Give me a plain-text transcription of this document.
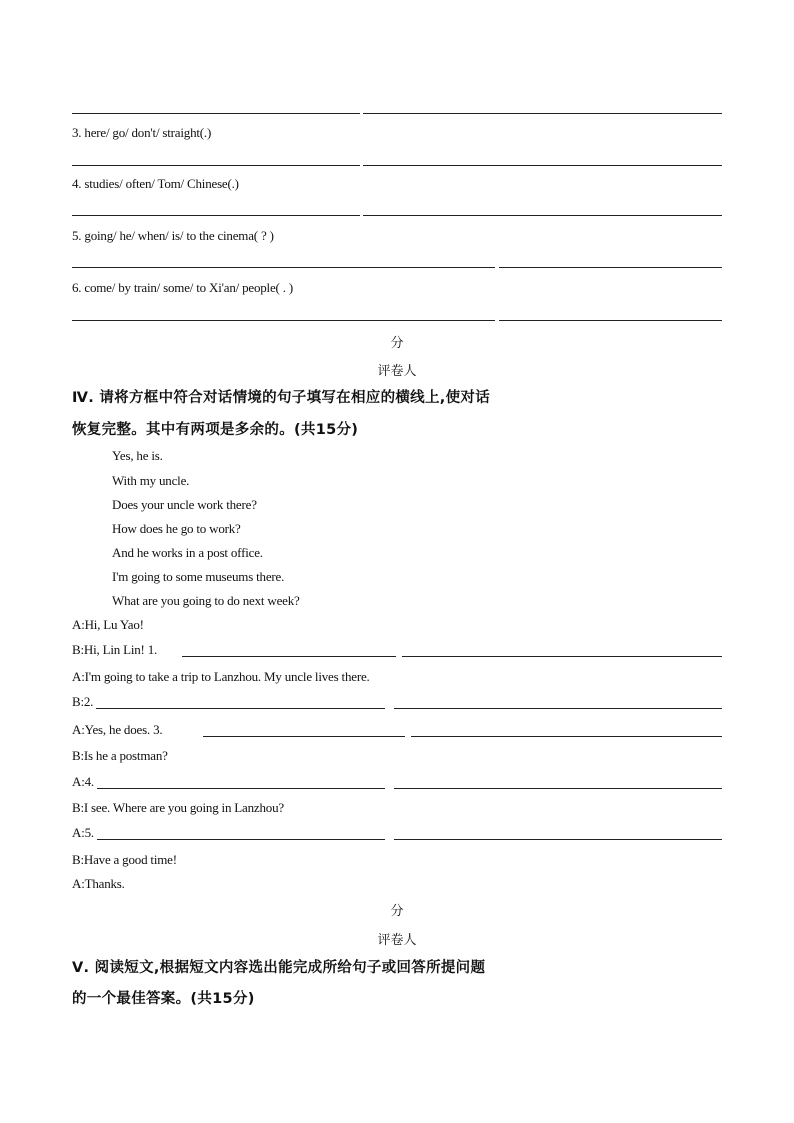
3. here/ go/ don't/ straight(.)
4. studies/ often/ Tom/ Chinese(.)
5. going/ he/ when/ is/ to the cinema( ? )
6. come/ by train/ some/ to Xi'an/ people( . )
分
评卷人
Ⅳ. 请将方框中符合对话情境的句子填写在相应的横线上,使对话
恢复完整。其中有两项是多余的。(共15分)
Yes, he is.
With my uncle.
Does your uncle work there?
How does he go to work?
And he works in a post office.
I'm going to some museums there.
What are you going to do next week?
A:Hi, Lu Yao!
B:Hi, Lin Lin! 1.
A:I'm going to take a trip to Lanzhou. My uncle lives there.
B:2.
A:Yes, he does. 3.
B:Is he a postman?
A:4.
B:I see. Where are you going in Lanzhou?
A:5.
B:Have a good time!
A:Thanks.
分
评卷人
Ⅴ. 阅读短文,根据短文内容选出能完成所给句子或回答所提问题
的一个最佳答案。(共15分)
